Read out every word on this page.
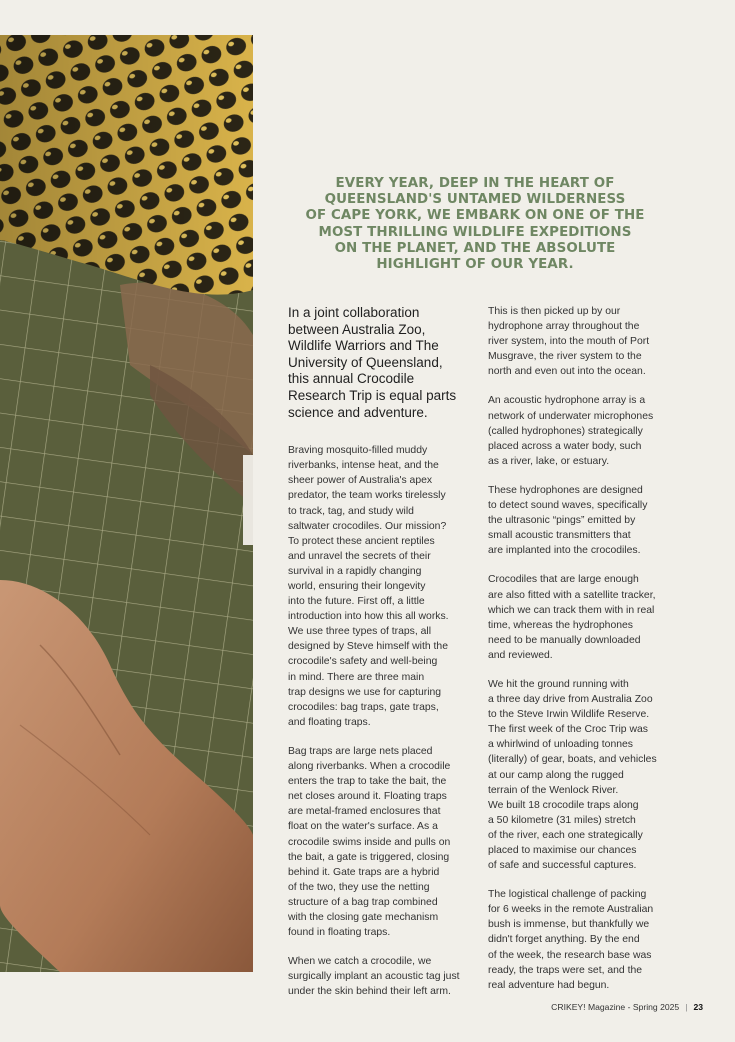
EVERY YEAR, DEEP IN THE HEART OF
QUEENSLAND'S UNTAMED WILDERNESS
OF CAPE YORK, WE EMBARK ON ONE OF THE
MOST THRILLING WILDLIFE EXPEDITIONS
ON THE PLANET, AND THE ABSOLUTE
HIGHLIGHT OF OUR YEAR.

In a joint collaboration
between Australia Zoo,
Wildlife Warriors and The
University of Queensland,
this annual Crocodile
Research Trip is equal parts
science and adventure.

Braving mosquito-filled muddy
riverbanks, intense heat, and the
sheer power of Australia's apex
predator, the team works tirelessly
to track, tag, and study wild
saltwater crocodiles. Our mission?
To protect these ancient reptiles
and unravel the secrets of their
survival in a rapidly changing
world, ensuring their longevity
into the future. First off, a little
introduction into how this all works.
We use three types of traps, all
designed by Steve himself with the
crocodile's safety and well-being
in mind. There are three main
trap designs we use for capturing
crocodiles: bag traps, gate traps,
and floating traps.

Bag traps are large nets placed
along riverbanks. When a crocodile
enters the trap to take the bait, the
net closes around it. Floating traps
are metal-framed enclosures that
float on the water's surface. As a
crocodile swims inside and pulls on
the bait, a gate is triggered, closing
behind it. Gate traps are a hybrid
of the two, they use the netting
structure of a bag trap combined
with the closing gate mechanism
found in floating traps.

When we catch a crocodile, we
surgically implant an acoustic tag just
under the skin behind their left arm.

This is then picked up by our
hydrophone array throughout the
river system, into the mouth of Port
Musgrave, the river system to the
north and even out into the ocean.

An acoustic hydrophone array is a
network of underwater microphones
(called hydrophones) strategically
placed across a water body, such
as a river, lake, or estuary.

These hydrophones are designed
to detect sound waves, specifically
the ultrasonic “pings” emitted by
small acoustic transmitters that
are implanted into the crocodiles.

Crocodiles that are large enough
are also fitted with a satellite tracker,
which we can track them with in real
time, whereas the hydrophones
need to be manually downloaded
and reviewed.

We hit the ground running with
a three day drive from Australia Zoo
to the Steve Irwin Wildlife Reserve.
The first week of the Croc Trip was
a whirlwind of unloading tonnes
(literally) of gear, boats, and vehicles
at our camp along the rugged
terrain of the Wenlock River.
We built 18 crocodile traps along
a 50 kilometre (31 miles) stretch
of the river, each one strategically
placed to maximise our chances
of safe and successful captures.

The logistical challenge of packing
for 6 weeks in the remote Australian
bush is immense, but thankfully we
didn't forget anything. By the end
of the week, the research base was
ready, the traps were set, and the
real adventure had begun.

CRIKEY! Magazine - Spring 2025 | 23
